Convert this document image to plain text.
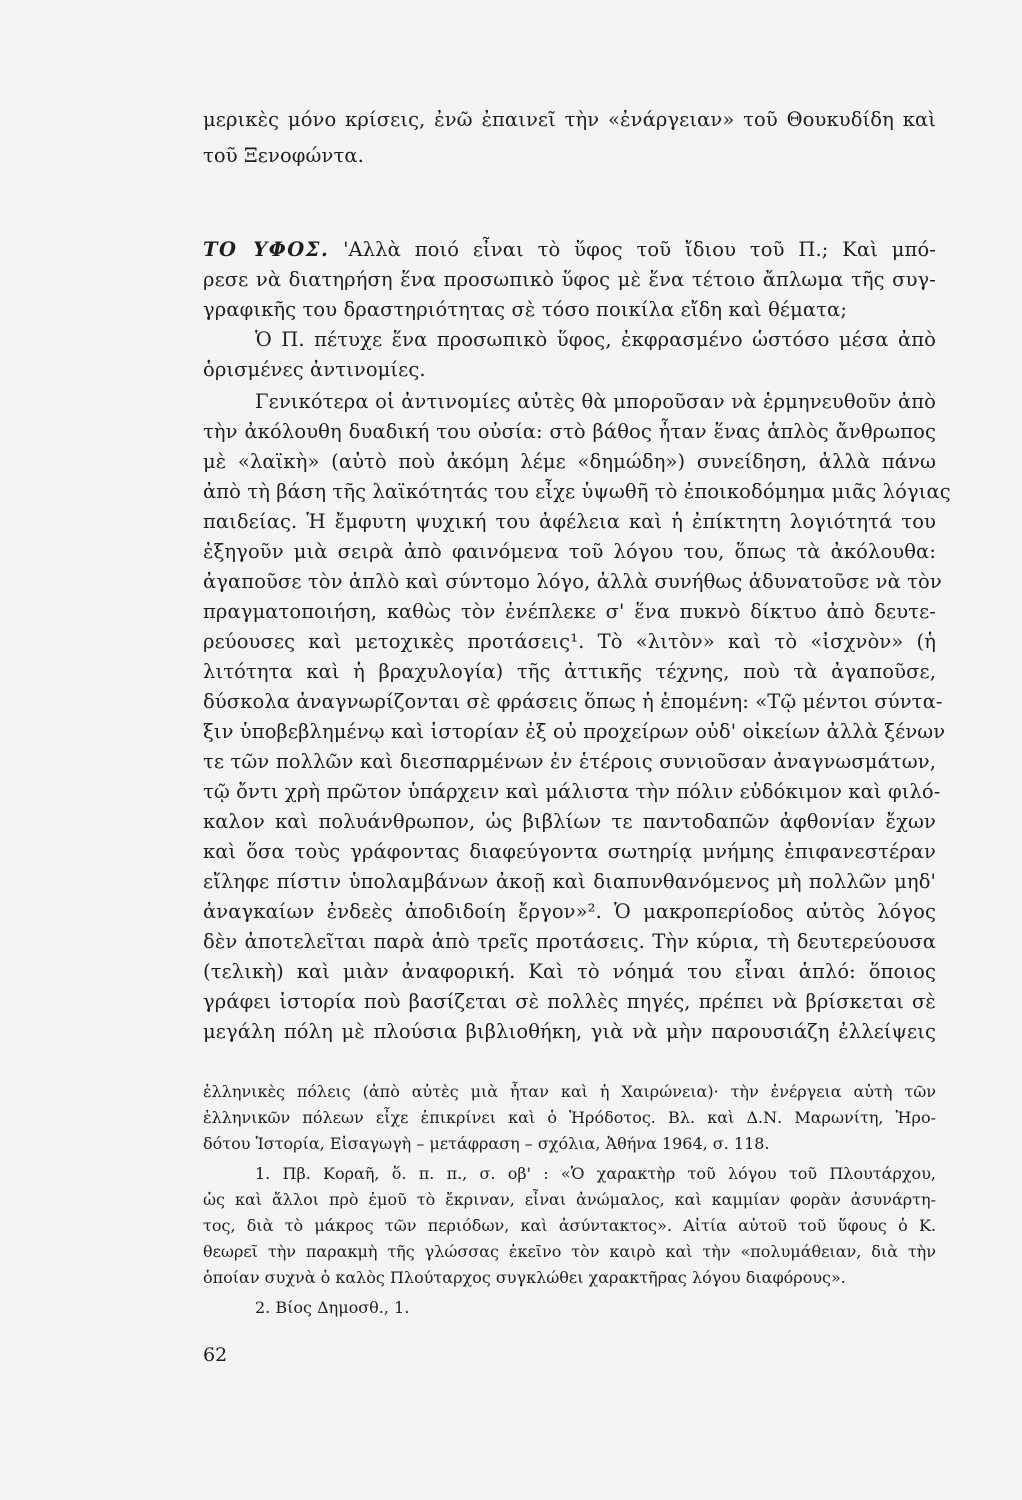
μερικὲς μόνο κρίσεις, ἐνῶ ἐπαινεῖ τὴν «ἐνάργειαν» τοῦ Θουκυδίδη καὶ
τοῦ Ξενοφώντα.
ΤΟ ΥΦΟΣ. 'Αλλὰ ποιό εἶναι τὸ ὕφος τοῦ ἴδιου τοῦ Π.; Καὶ μπό-
ρεσε νὰ διατηρήση ἕνα προσωπικὸ ὕφος μὲ ἕνα τέτοιο ἄπλωμα τῆς συγ-
γραφικῆς του δραστηριότητας σὲ τόσο ποικίλα εἴδη καὶ θέματα;
Ὁ Π. πέτυχε ἕνα προσωπικὸ ὕφος, ἐκφρασμένο ὡστόσο μέσα ἀπὸ
ὁρισμένες ἀντινομίες.
Γενικότερα οἱ ἀντινομίες αὐτὲς θὰ μποροῦσαν νὰ ἑρμηνευθοῦν ἀπὸ
τὴν ἀκόλουθη δυαδική του οὐσία: στὸ βάθος ἦταν ἕνας ἁπλὸς ἄνθρωπος
μὲ «λαϊκὴ» (αὐτὸ ποὺ ἀκόμη λέμε «δημώδη») συνείδηση, ἀλλὰ πάνω
ἀπὸ τὴ βάση τῆς λαϊκότητάς του εἶχε ὑψωθῆ τὸ ἐποικοδόμημα μιᾶς λόγιας
παιδείας. Ἡ ἔμφυτη ψυχική του ἀφέλεια καὶ ἡ ἐπίκτητη λογιότητά του
ἐξηγοῦν μιὰ σειρὰ ἀπὸ φαινόμενα τοῦ λόγου του, ὅπως τὰ ἀκόλουθα:
ἀγαποῦσε τὸν ἁπλὸ καὶ σύντομο λόγο, ἀλλὰ συνήθως ἀδυνατοῦσε νὰ τὸν
πραγματοποιήση, καθὼς τὸν ἐνέπλεκε σ' ἕνα πυκνὸ δίκτυο ἀπὸ δευτε-
ρεύουσες καὶ μετοχικὲς προτάσεις¹. Τὸ «λιτὸν» καὶ τὸ «ἰσχνὸν» (ἡ
λιτότητα καὶ ἡ βραχυλογία) τῆς ἀττικῆς τέχνης, ποὺ τὰ ἀγαποῦσε,
δύσκολα ἀναγνωρίζονται σὲ φράσεις ὅπως ἡ ἑπομένη: «Τῷ μέντοι σύντα-
ξιν ὑποβεβλημένῳ καὶ ἱστορίαν ἐξ οὐ προχείρων οὐδ' οἰκείων ἀλλὰ ξένων
τε τῶν πολλῶν καὶ διεσπαρμένων ἐν ἑτέροις συνιοῦσαν ἀναγνωσμάτων,
τῷ ὄντι χρὴ πρῶτον ὑπάρχειν καὶ μάλιστα τὴν πόλιν εὐδόκιμον καὶ φιλό-
καλον καὶ πολυάνθρωπον, ὡς βιβλίων τε παντοδαπῶν ἀφθονίαν ἔχων
καὶ ὅσα τοὺς γράφοντας διαφεύγοντα σωτηρίᾳ μνήμης ἐπιφανεστέραν
εἴληφε πίστιν ὑπολαμβάνων ἀκοῇ καὶ διαπυνθανόμενος μὴ πολλῶν μηδ'
ἀναγκαίων ἐνδεὲς ἀποδιδοίη ἔργον»². Ὁ μακροπερίοδος αὐτὸς λόγος
δὲν ἀποτελεῖται παρὰ ἀπὸ τρεῖς προτάσεις. Τὴν κύρια, τὴ δευτερεύουσα
(τελικὴ) καὶ μιὰν ἀναφορική. Καὶ τὸ νόημά του εἶναι ἁπλό: ὅποιος
γράφει ἱστορία ποὺ βασίζεται σὲ πολλὲς πηγές, πρέπει νὰ βρίσκεται σὲ
μεγάλη πόλη μὲ πλούσια βιβλιοθήκη, γιὰ νὰ μὴν παρουσιάζη ἐλλείψεις
ἑλληνικὲς πόλεις (ἀπὸ αὐτὲς μιὰ ἦταν καὶ ἡ Χαιρώνεια)· τὴν ἐνέργεια αὐτὴ τῶν
ἑλληνικῶν πόλεων εἶχε ἐπικρίνει καὶ ὁ Ἡρόδοτος. Βλ. καὶ Δ.Ν. Μαρωνίτη, Ἡρο-
δότου Ἱστορία, Εἰσαγωγὴ – μετάφραση – σχόλια, Ἀθήνα 1964, σ. 118.
1. Πβ. Κοραῆ, ὅ. π. π., σ. οβ' : «Ὁ χαρακτὴρ τοῦ λόγου τοῦ Πλουτάρχου,
ὡς καὶ ἄλλοι πρὸ ἐμοῦ τὸ ἔκριναν, εἶναι ἀνώμαλος, καὶ καμμίαν φορὰν ἀσυνάρτη-
τος, διὰ τὸ μάκρος τῶν περιόδων, καὶ ἀσύντακτος». Αἰτία αὐτοῦ τοῦ ὕφους ὁ Κ.
θεωρεῖ τὴν παρακμὴ τῆς γλώσσας ἐκεῖνο τὸν καιρὸ καὶ τὴν «πολυμάθειαν, διὰ τὴν
ὁποίαν συχνὰ ὁ καλὸς Πλούταρχος συγκλώθει χαρακτῆρας λόγου διαφόρους».
2. Βίος Δημοσθ., 1.
62
